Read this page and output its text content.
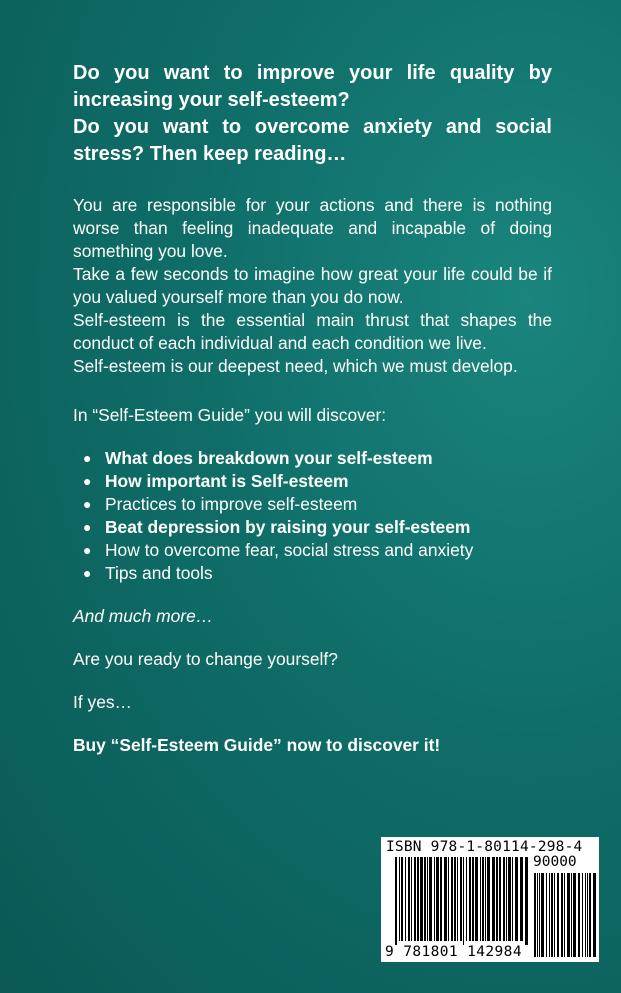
Do you want to improve your life quality by increasing your self-esteem?
Do you want to overcome anxiety and social stress? Then keep reading…
You are responsible for your actions and there is nothing worse than feeling inadequate and incapable of doing something you love.
Take a few seconds to imagine how great your life could be if you valued yourself more than you do now.
Self-esteem is the essential main thrust that shapes the conduct of each individual and each condition we live.
Self-esteem is our deepest need, which we must develop.

In “Self-Esteem Guide” you will discover:

● What does breakdown your self-esteem
● How important is Self-esteem
● Practices to improve self-esteem
● Beat depression by raising your self-esteem
● How to overcome fear, social stress and anxiety
● Tips and tools

And much more…

Are you ready to change yourself?

If yes…

Buy “Self-Esteem Guide” now to discover it!

ISBN 978-1-80114-298-4
90000
9 781801 142984
